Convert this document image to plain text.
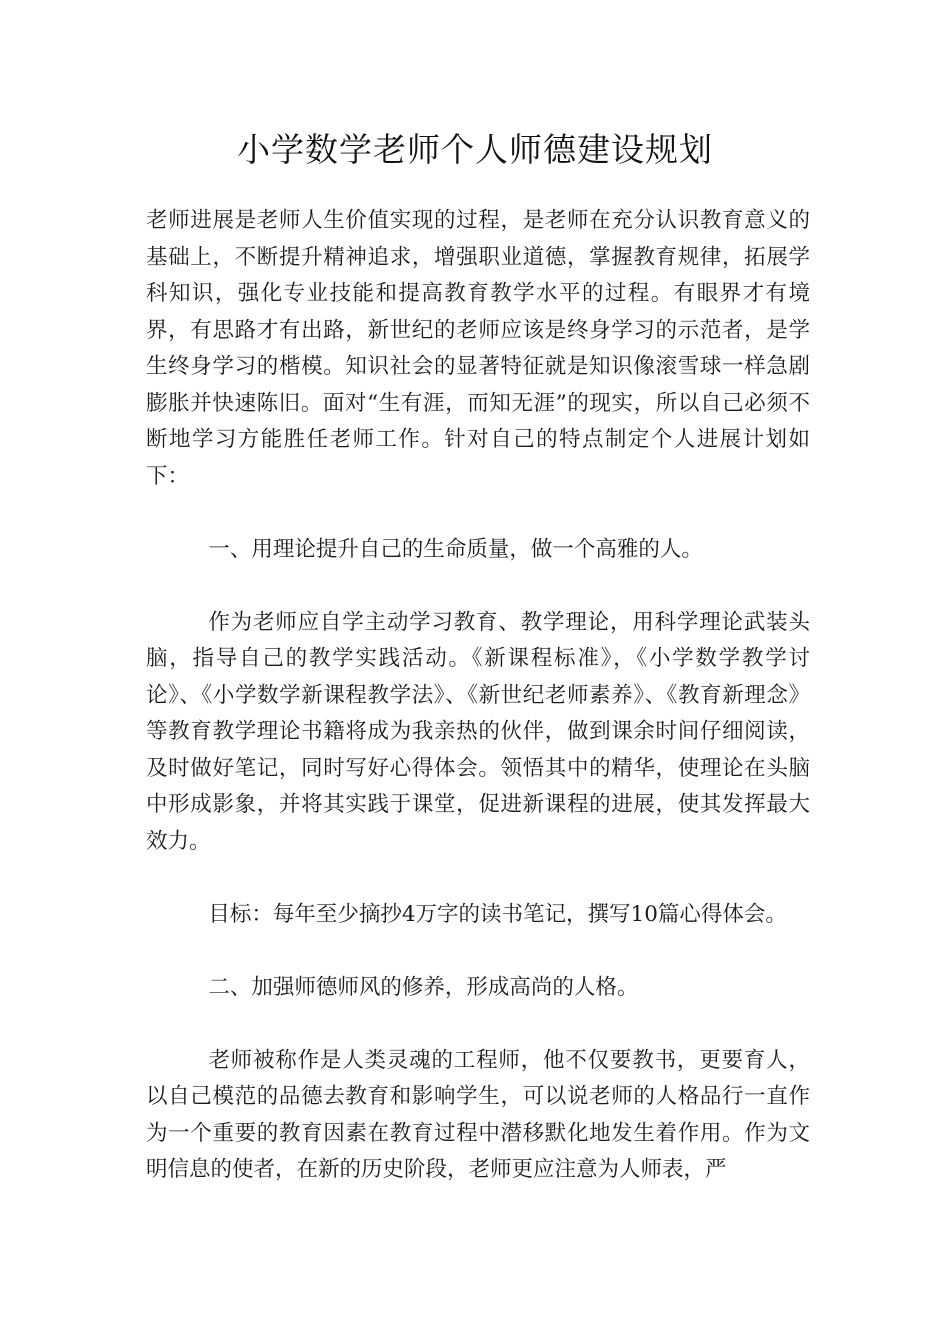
小学数学老师个人师德建设规划

老师进展是老师人生价值实现的过程，是老师在充分认识教育意义的基础上，不断提升精神追求，增强职业道德，掌握教育规律，拓展学科知识，强化专业技能和提高教育教学水平的过程。有眼界才有境界，有思路才有出路，新世纪的老师应该是终身学习的示范者，是学生终身学习的楷模。知识社会的显著特征就是知识像滚雪球一样急剧膨胀并快速陈旧。面对“生有涯，而知无涯”的现实，所以自己必须不断地学习方能胜任老师工作。针对自己的特点制定个人进展计划如下：

一、用理论提升自己的生命质量，做一个高雅的人。

作为老师应自学主动学习教育、教学理论，用科学理论武装头脑，指导自己的教学实践活动。《新课程标准》，《小学数学教学讨论》、《小学数学新课程教学法》、《新世纪老师素养》、《教育新理念》等教育教学理论书籍将成为我亲热的伙伴，做到课余时间仔细阅读，及时做好笔记，同时写好心得体会。领悟其中的精华，使理论在头脑中形成影象，并将其实践于课堂，促进新课程的进展，使其发挥最大效力。

目标：每年至少摘抄4万字的读书笔记，撰写10篇心得体会。

二、加强师德师风的修养，形成高尚的人格。

老师被称作是人类灵魂的工程师，他不仅要教书，更要育人，以自己模范的品德去教育和影响学生，可以说老师的人格品行一直作为一个重要的教育因素在教育过程中潜移默化地发生着作用。作为文明信息的使者，在新的历史阶段，老师更应注意为人师表，严
